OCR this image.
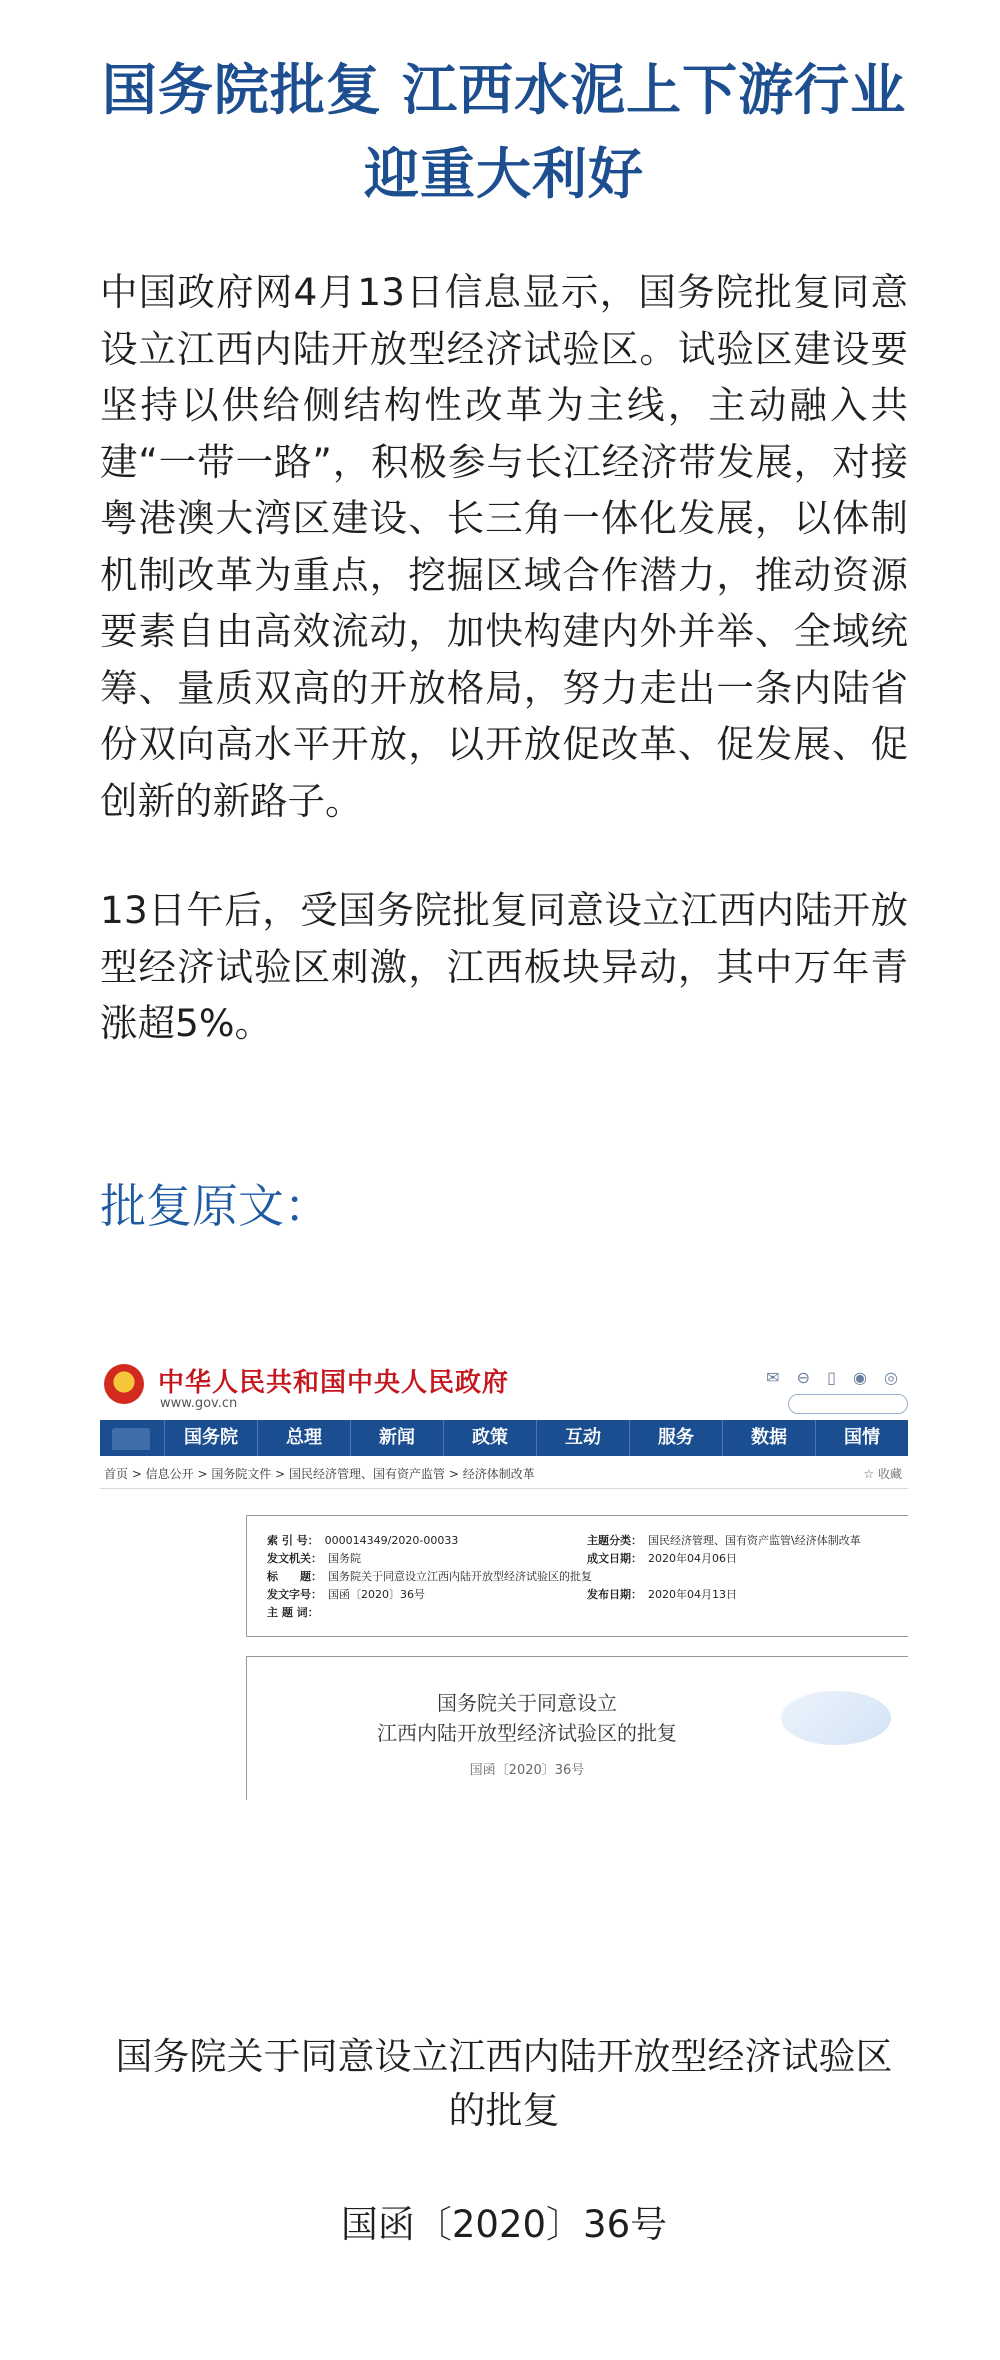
国务院批复 江西水泥上下游行业迎重大利好
中国政府网4月13日信息显示，国务院批复同意设立江西内陆开放型经济试验区。试验区建设要坚持以供给侧结构性改革为主线，主动融入共建“一带一路”，积极参与长江经济带发展，对接粤港澳大湾区建设、长三角一体化发展，以体制机制改革为重点，挖掘区域合作潜力，推动资源要素自由高效流动，加快构建内外并举、全域统筹、量质双高的开放格局，努力走出一条内陆省份双向高水平开放，以开放促改革、促发展、促创新的新路子。
13日午后，受国务院批复同意设立江西内陆开放型经济试验区刺激，江西板块异动，其中万年青涨超5%。
批复原文：
中华人民共和国中央人民政府
www.gov.cn
✉ ⊖ ▯ ◉ ◎
国务院	总理	新闻	政策	互动	服务	数据	国情
首页 > 信息公开 > 国务院文件 > 国民经济管理、国有资产监管 > 经济体制改革	☆ 收藏
索 引 号： 000014349/2020-00033	主题分类： 国民经济管理、国有资产监管\经济体制改革
发文机关： 国务院	成文日期： 2020年04月06日
标　　题： 国务院关于同意设立江西内陆开放型经济试验区的批复
发文字号： 国函〔2020〕36号	发布日期： 2020年04月13日
主 题 词：
国务院关于同意设立
江西内陆开放型经济试验区的批复
国函〔2020〕36号
国务院关于同意设立江西内陆开放型经济试验区的批复
国函〔2020〕36号
